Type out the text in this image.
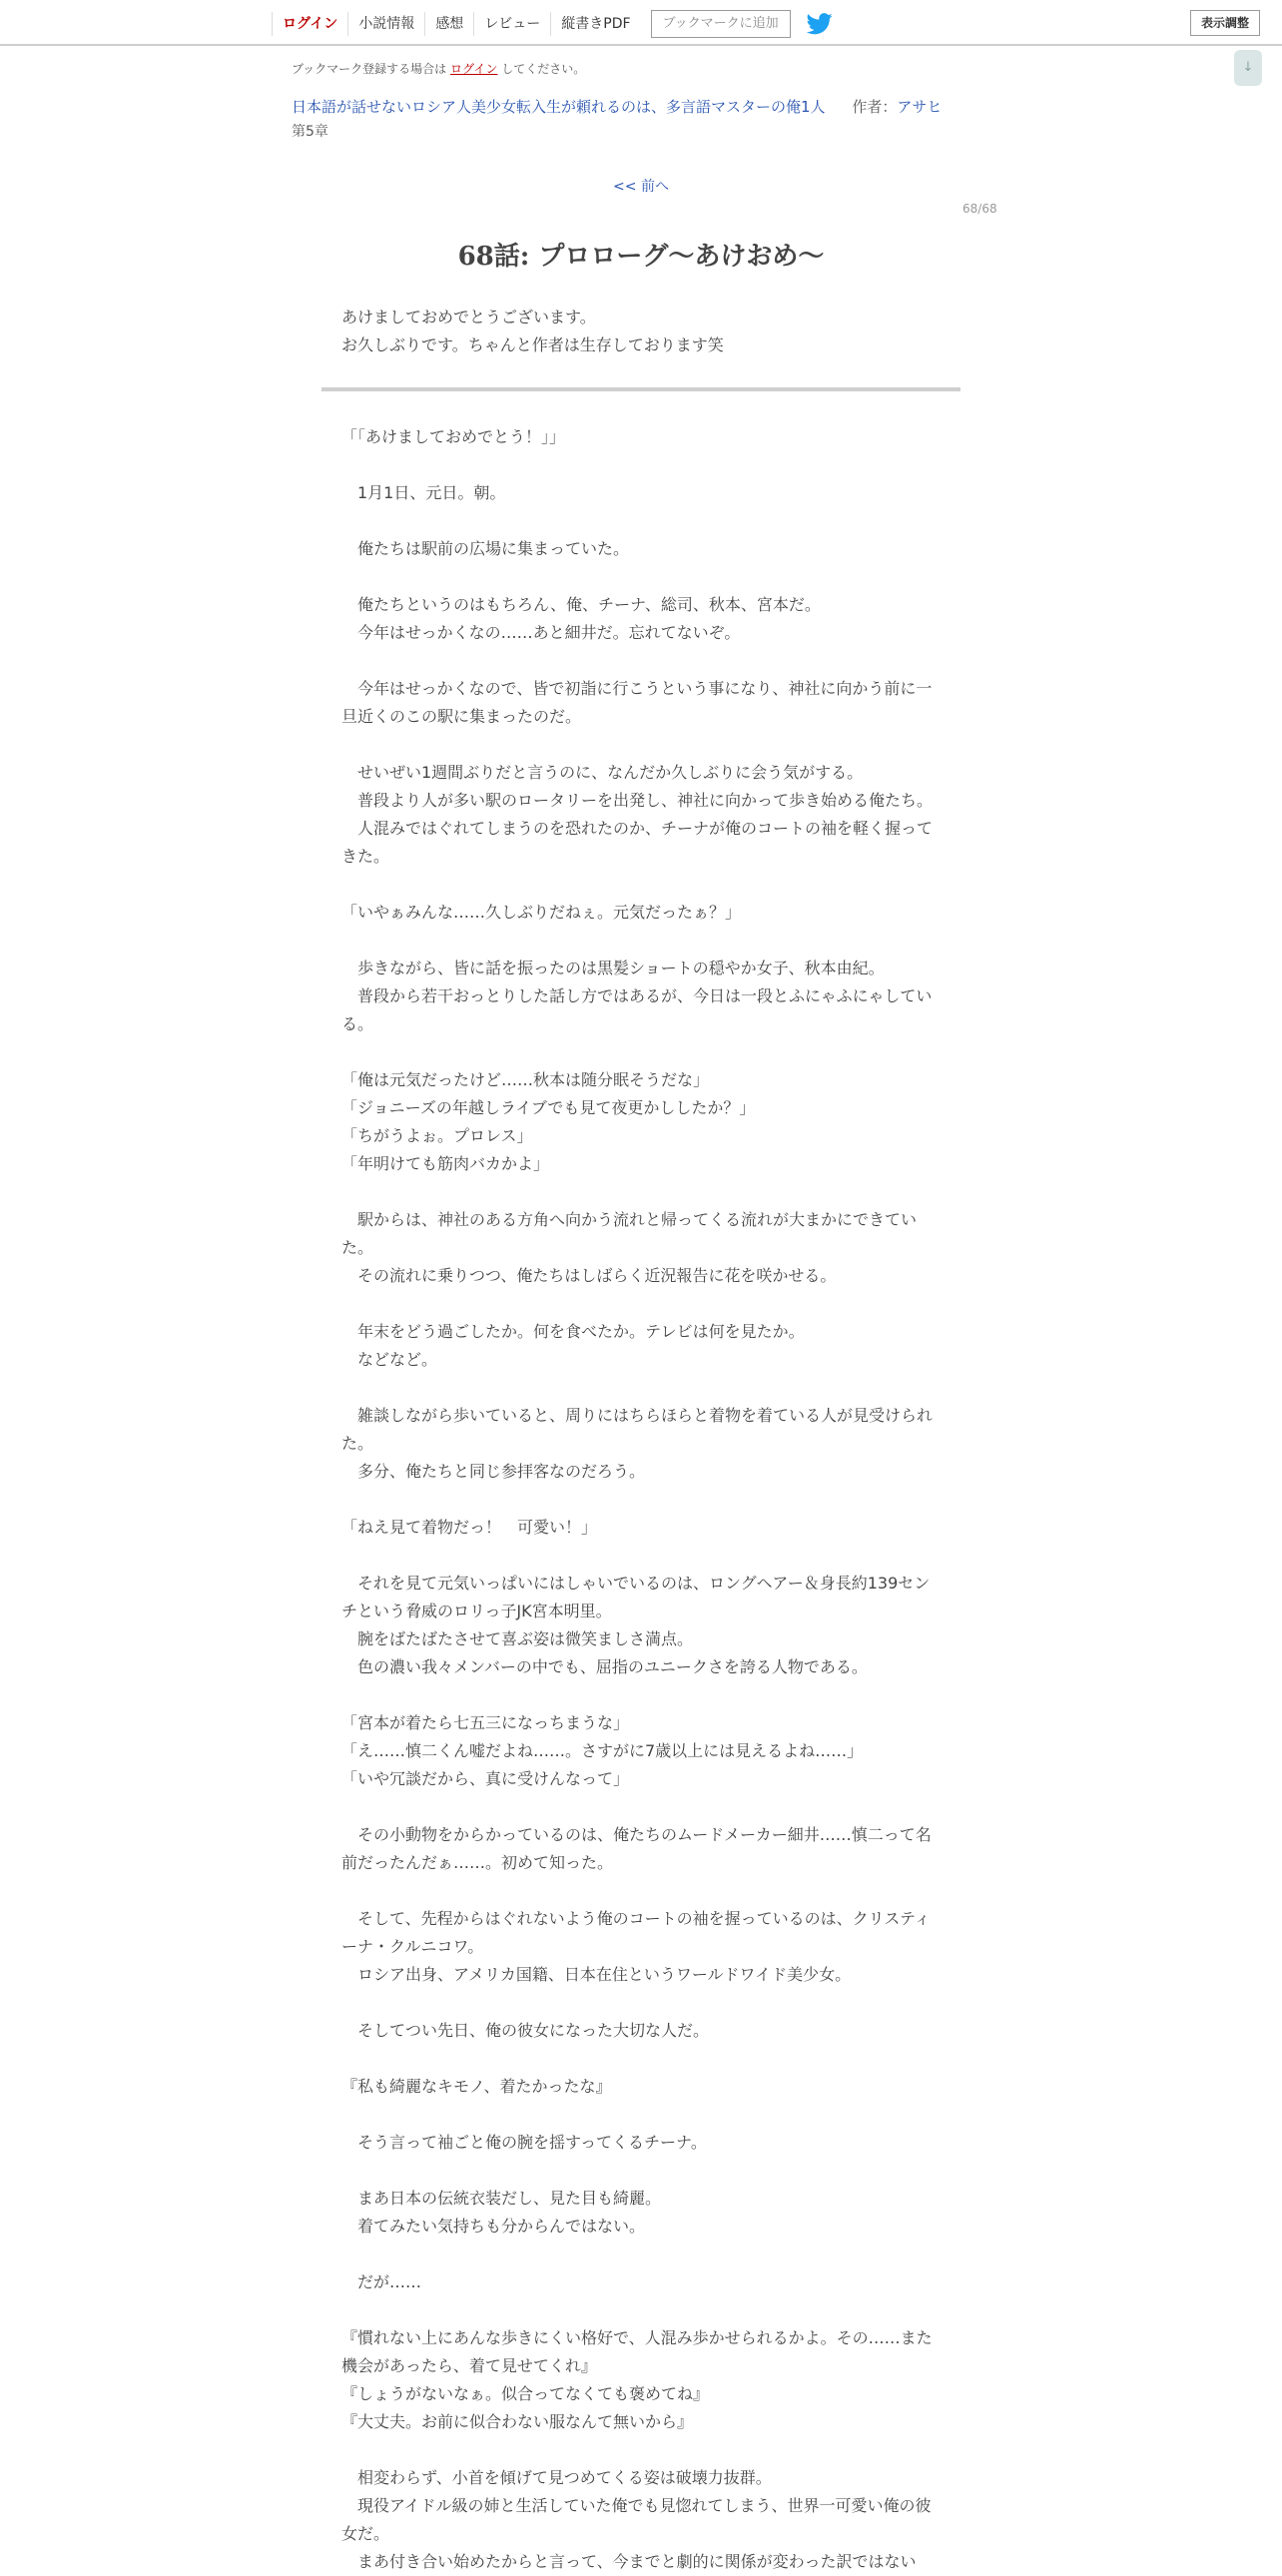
ログイン	小説情報	感想	レビュー	縦書きPDF	ブックマークに追加	表示調整
↓
ブックマーク登録する場合は ログイン してください。
日本語が話せないロシア人美少女転入生が頼れるのは、多言語マスターの俺1人 作者：アサヒ
第5章
<< 前へ
68/68
68話: プロローグ～あけおめ～
あけましておめでとうございます。
お久しぶりです。ちゃんと作者は生存しております笑

「「あけましておめでとう！」」

　1月1日、元日。朝。

　俺たちは駅前の広場に集まっていた。

　俺たちというのはもちろん、俺、チーナ、総司、秋本、宮本だ。

　今年はせっかくなの……あと細井だ。忘れてないぞ。

　今年はせっかくなので、皆で初詣に行こうという事になり、神社に向かう前に一旦近くのこの駅に集まったのだ。

　せいぜい1週間ぶりだと言うのに、なんだか久しぶりに会う気がする。

　普段より人が多い駅のロータリーを出発し、神社に向かって歩き始める俺たち。

　人混みではぐれてしまうのを恐れたのか、チーナが俺のコートの袖を軽く握ってきた。

「いやぁみんな……久しぶりだねぇ。元気だったぁ？」

　歩きながら、皆に話を振ったのは黒髪ショートの穏やか女子、秋本由紀。

　普段から若干おっとりした話し方ではあるが、今日は一段とふにゃふにゃしている。

「俺は元気だったけど……秋本は随分眠そうだな」

「ジョニーズの年越しライブでも見て夜更かししたか？」

「ちがうよぉ。プロレス」

「年明けても筋肉バカかよ」

　駅からは、神社のある方角へ向かう流れと帰ってくる流れが大まかにできていた。

　その流れに乗りつつ、俺たちはしばらく近況報告に花を咲かせる。

　年末をどう過ごしたか。何を食べたか。テレビは何を見たか。

　などなど。

　雑談しながら歩いていると、周りにはちらほらと着物を着ている人が見受けられた。

　多分、俺たちと同じ参拝客なのだろう。

「ねえ見て着物だっ！　可愛い！」

　それを見て元気いっぱいにはしゃいでいるのは、ロングヘアー＆身長約139センチという脅威のロリっ子JK宮本明里。

　腕をばたばたさせて喜ぶ姿は微笑ましさ満点。

　色の濃い我々メンバーの中でも、屈指のユニークさを誇る人物である。

「宮本が着たら七五三になっちまうな」

「え……慎二くん嘘だよね……。さすがに7歳以上には見えるよね……」

「いや冗談だから、真に受けんなって」

　その小動物をからかっているのは、俺たちのムードメーカー細井……慎二って名前だったんだぁ……。初めて知った。

　そして、先程からはぐれないよう俺のコートの袖を握っているのは、クリスティーナ・クルニコワ。

　ロシア出身、アメリカ国籍、日本在住というワールドワイド美少女。

　そしてつい先日、俺の彼女になった大切な人だ。

『私も綺麗なキモノ、着たかったな』

　そう言って袖ごと俺の腕を揺すってくるチーナ。

　まあ日本の伝統衣装だし、見た目も綺麗。

　着てみたい気持ちも分からんではない。

　だが……

『慣れない上にあんな歩きにくい格好で、人混み歩かせられるかよ。その……また機会があったら、着て見せてくれ』

『しょうがないなぁ。似合ってなくても褒めてね』

『大丈夫。お前に似合わない服なんて無いから』

　相変わらず、小首を傾げて見つめてくる姿は破壊力抜群。

　現役アイドル級の姉と生活していた俺でも見惚れてしまう、世界一可愛い俺の彼女だ。

　まあ付き合い始めたからと言って、今までと劇的に関係が変わった訳ではない
